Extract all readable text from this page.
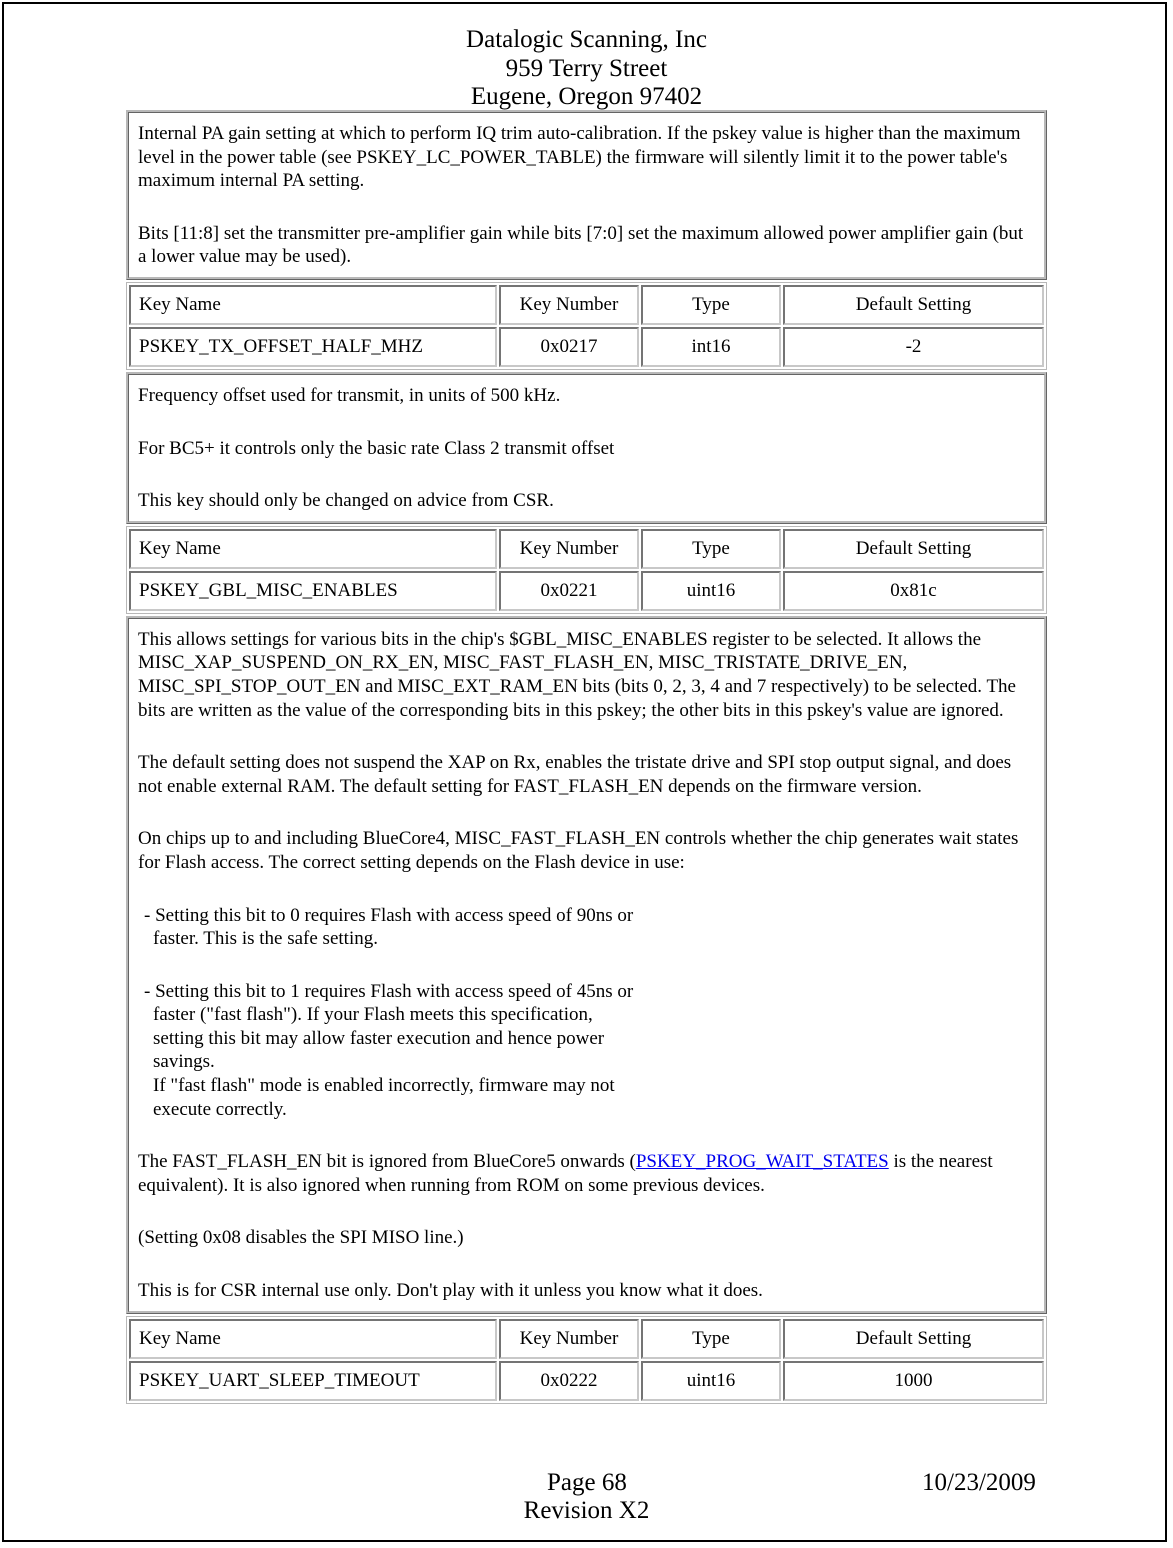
Datalogic Scanning, Inc
959 Terry Street
Eugene, Oregon 97402

Internal PA gain setting at which to perform IQ trim auto-calibration. If the pskey value is higher than the maximum level in the power table (see PSKEY_LC_POWER_TABLE) the firmware will silently limit it to the power table's maximum internal PA setting.

Bits [11:8] set the transmitter pre-amplifier gain while bits [7:0] set the maximum allowed power amplifier gain (but a lower value may be used).

Key Name	Key Number	Type	Default Setting
PSKEY_TX_OFFSET_HALF_MHZ	0x0217	int16	-2

Frequency offset used for transmit, in units of 500 kHz.

For BC5+ it controls only the basic rate Class 2 transmit offset

This key should only be changed on advice from CSR.

Key Name	Key Number	Type	Default Setting
PSKEY_GBL_MISC_ENABLES	0x0221	uint16	0x81c

This allows settings for various bits in the chip's $GBL_MISC_ENABLES register to be selected. It allows the MISC_XAP_SUSPEND_ON_RX_EN, MISC_FAST_FLASH_EN, MISC_TRISTATE_DRIVE_EN, MISC_SPI_STOP_OUT_EN and MISC_EXT_RAM_EN bits (bits 0, 2, 3, 4 and 7 respectively) to be selected. The bits are written as the value of the corresponding bits in this pskey; the other bits in this pskey's value are ignored.

The default setting does not suspend the XAP on Rx, enables the tristate drive and SPI stop output signal, and does not enable external RAM. The default setting for FAST_FLASH_EN depends on the firmware version.

On chips up to and including BlueCore4, MISC_FAST_FLASH_EN controls whether the chip generates wait states for Flash access. The correct setting depends on the Flash device in use:

- Setting this bit to 0 requires Flash with access speed of 90ns or
faster. This is the safe setting.

- Setting this bit to 1 requires Flash with access speed of 45ns or
faster ("fast flash"). If your Flash meets this specification,
setting this bit may allow faster execution and hence power
savings.
If "fast flash" mode is enabled incorrectly, firmware may not
execute correctly.

The FAST_FLASH_EN bit is ignored from BlueCore5 onwards (PSKEY_PROG_WAIT_STATES is the nearest equivalent). It is also ignored when running from ROM on some previous devices.

(Setting 0x08 disables the SPI MISO line.)

This is for CSR internal use only. Don't play with it unless you know what it does.

Key Name	Key Number	Type	Default Setting
PSKEY_UART_SLEEP_TIMEOUT	0x0222	uint16	1000
Page 68	10/23/2009
Revision X2
